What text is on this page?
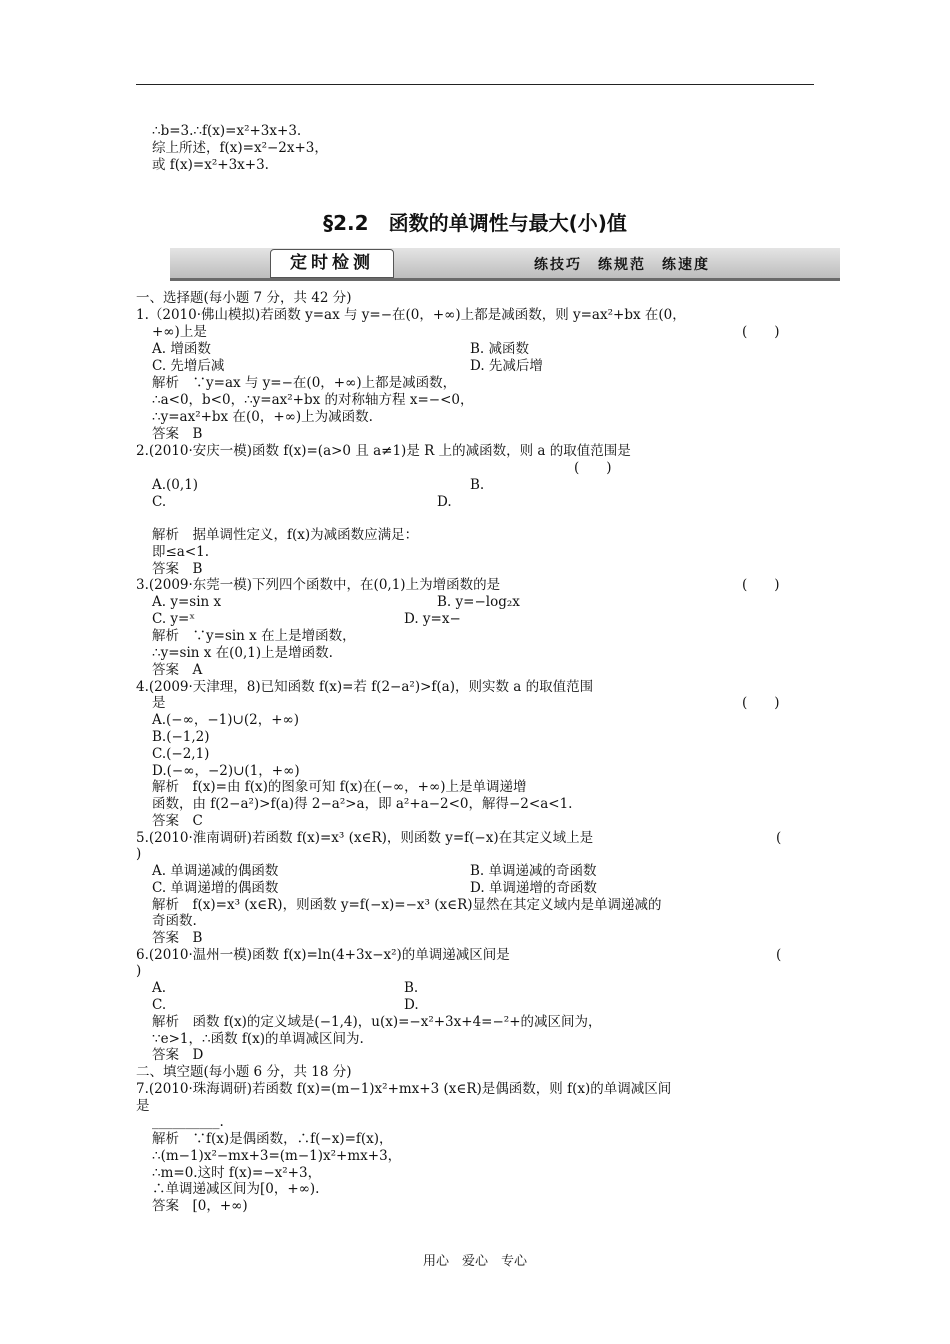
∴b=3.∴f(x)=x²+3x+3.
综上所述，f(x)=x²−2x+3，
或 f(x)=x²+3x+3.
§2.2　函数的单调性与最大(小)值
定时检测	练技巧　练规范　练速度
一、选择题(每小题 7 分，共 42 分)
1.（2010·佛山模拟)若函数 y=ax 与 y=−在(0，+∞)上都是减函数，则 y=ax²+bx 在(0，
+∞)上是
A. 增函数	B. 减函数
C. 先增后减	D. 先减后增
解析　∵y=ax 与 y=−在(0，+∞)上都是减函数，
∴a<0，b<0，∴y=ax²+bx 的对称轴方程 x=−<0，
∴y=ax²+bx 在(0，+∞)上为减函数.
答案　B
2.(2010·安庆一模)函数 f(x)=(a>0 且 a≠1)是 R 上的减函数，则 a 的取值范围是
A.(0,1)	B.
C.	D.
解析　据单调性定义，f(x)为减函数应满足：
即≤a<1.
答案　B
3.(2009·东莞一模)下列四个函数中，在(0,1)上为增函数的是
A. y=sin x	B. y=−log₂x
C. y=ˣ	D. y=x−
解析　∵y=sin x 在上是增函数，
∴y=sin x 在(0,1)上是增函数.
答案　A
4.(2009·天津理，8)已知函数 f(x)=若 f(2−a²)>f(a)，则实数 a 的取值范围
是
A.(−∞，−1)∪(2，+∞)
B.(−1,2)
C.(−2,1)
D.(−∞，−2)∪(1，+∞)
解析　f(x)=由 f(x)的图象可知 f(x)在(−∞，+∞)上是单调递增
函数，由 f(2−a²)>f(a)得 2−a²>a，即 a²+a−2<0，解得−2<a<1.
答案　C
5.(2010·淮南调研)若函数 f(x)=x³ (x∈R)，则函数 y=f(−x)在其定义域上是
)
A. 单调递减的偶函数	B. 单调递减的奇函数
C. 单调递增的偶函数	D. 单调递增的奇函数
解析　f(x)=x³ (x∈R)，则函数 y=f(−x)=−x³ (x∈R)显然在其定义域内是单调递减的
奇函数.
答案　B
6.(2010·温州一模)函数 f(x)=ln(4+3x−x²)的单调递减区间是
)
A.	B.
C.	D.
解析　函数 f(x)的定义域是(−1,4)，u(x)=−x²+3x+4=−²+的减区间为，
∵e>1，∴函数 f(x)的单调减区间为.
答案　D
二、填空题(每小题 6 分，共 18 分)
7.(2010·珠海调研)若函数 f(x)=(m−1)x²+mx+3 (x∈R)是偶函数，则 f(x)的单调减区间
是
__________.
解析　∵f(x)是偶函数，∴f(−x)=f(x)，
∴(m−1)x²−mx+3=(m−1)x²+mx+3，
∴m=0.这时 f(x)=−x²+3，
∴单调递减区间为[0，+∞).
答案　[0，+∞)
(　　)
(　　)
(　　)
(　　)
(
(
用心　爱心　专心
